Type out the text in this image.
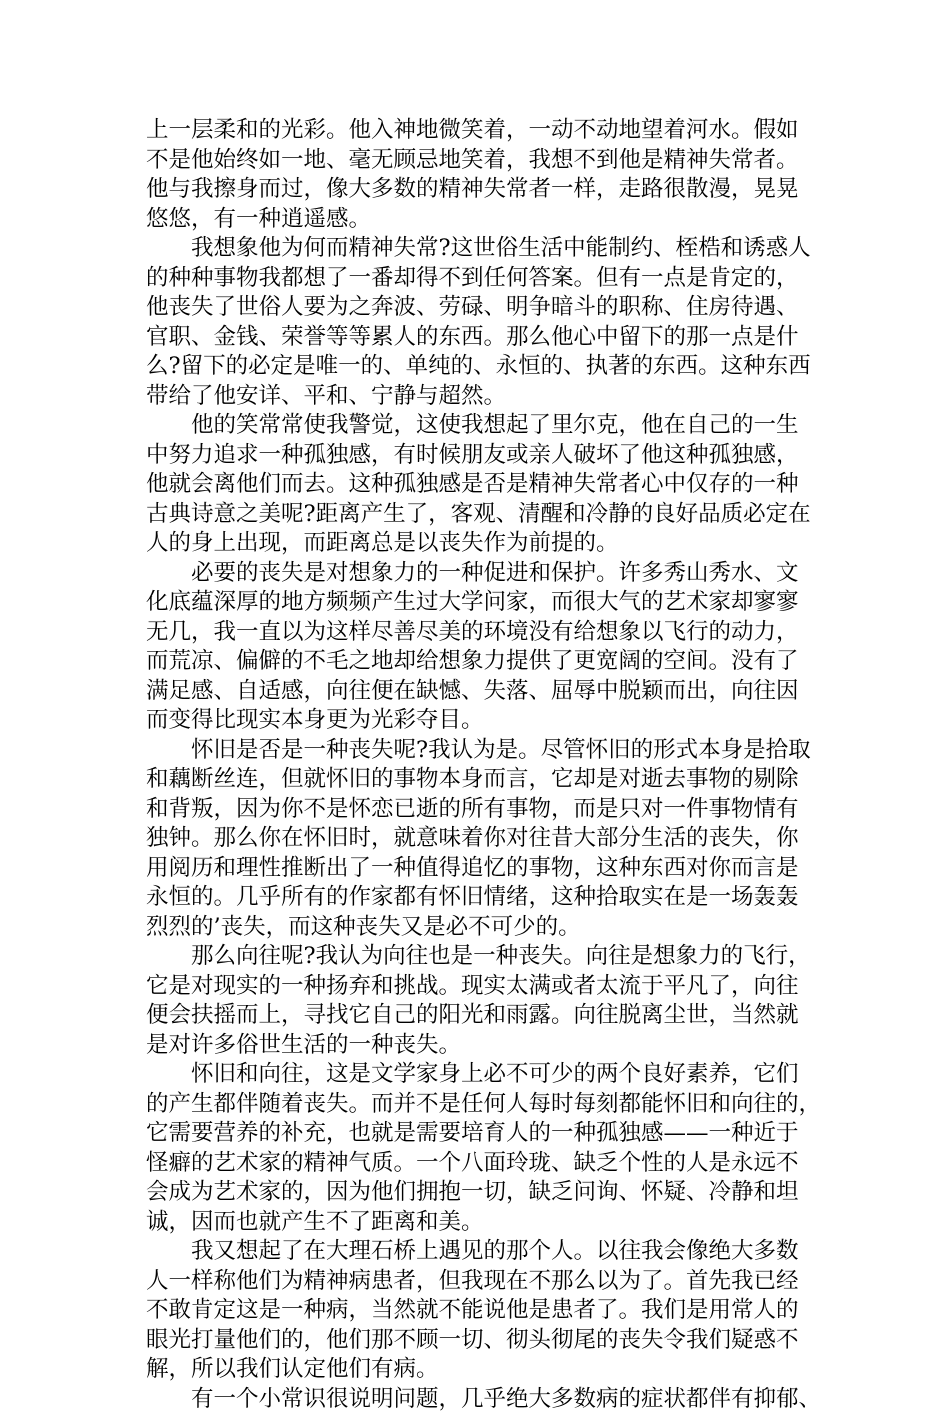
上一层柔和的光彩。他入神地微笑着，一动不动地望着河水。假如
不是他始终如一地、毫无顾忌地笑着，我想不到他是精神失常者。
他与我擦身而过，像大多数的精神失常者一样，走路很散漫，晃晃
悠悠，有一种逍遥感。
　　我想象他为何而精神失常?这世俗生活中能制约、桎梏和诱惑人
的种种事物我都想了一番却得不到任何答案。但有一点是肯定的，
他丧失了世俗人要为之奔波、劳碌、明争暗斗的职称、住房待遇、
官职、金钱、荣誉等等累人的东西。那么他心中留下的那一点是什
么?留下的必定是唯一的、单纯的、永恒的、执著的东西。这种东西
带给了他安详、平和、宁静与超然。
　　他的笑常常使我警觉，这使我想起了里尔克，他在自己的一生
中努力追求一种孤独感，有时候朋友或亲人破坏了他这种孤独感，
他就会离他们而去。这种孤独感是否是精神失常者心中仅存的一种
古典诗意之美呢?距离产生了，客观、清醒和冷静的良好品质必定在
人的身上出现，而距离总是以丧失作为前提的。
　　必要的丧失是对想象力的一种促进和保护。许多秀山秀水、文
化底蕴深厚的地方频频产生过大学问家，而很大气的艺术家却寥寥
无几，我一直以为这样尽善尽美的环境没有给想象以飞行的动力，
而荒凉、偏僻的不毛之地却给想象力提供了更宽阔的空间。没有了
满足感、自适感，向往便在缺憾、失落、屈辱中脱颖而出，向往因
而变得比现实本身更为光彩夺目。
　　怀旧是否是一种丧失呢?我认为是。尽管怀旧的形式本身是拾取
和藕断丝连，但就怀旧的事物本身而言，它却是对逝去事物的剔除
和背叛，因为你不是怀恋已逝的所有事物，而是只对一件事物情有
独钟。那么你在怀旧时，就意味着你对往昔大部分生活的丧失，你
用阅历和理性推断出了一种值得追忆的事物，这种东西对你而言是
永恒的。几乎所有的作家都有怀旧情绪，这种拾取实在是一场轰轰
烈烈的’丧失，而这种丧失又是必不可少的。
　　那么向往呢?我认为向往也是一种丧失。向往是想象力的飞行，
它是对现实的一种扬弃和挑战。现实太满或者太流于平凡了，向往
便会扶摇而上，寻找它自己的阳光和雨露。向往脱离尘世，当然就
是对许多俗世生活的一种丧失。
　　怀旧和向往，这是文学家身上必不可少的两个良好素养，它们
的产生都伴随着丧失。而并不是任何人每时每刻都能怀旧和向往的，
它需要营养的补充，也就是需要培育人的一种孤独感——一种近于
怪癖的艺术家的精神气质。一个八面玲珑、缺乏个性的人是永远不
会成为艺术家的，因为他们拥抱一切，缺乏问询、怀疑、冷静和坦
诚，因而也就产生不了距离和美。
　　我又想起了在大理石桥上遇见的那个人。以往我会像绝大多数
人一样称他们为精神病患者，但我现在不那么以为了。首先我已经
不敢肯定这是一种病，当然就不能说他是患者了。我们是用常人的
眼光打量他们的，他们那不顾一切、彻头彻尾的丧失令我们疑惑不
解，所以我们认定他们有病。
　　有一个小常识很说明问题，几乎绝大多数病的症状都伴有抑郁、
